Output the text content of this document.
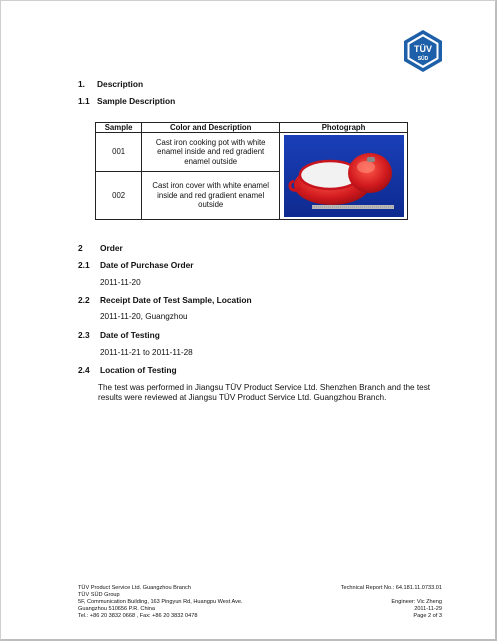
TÜV
SÜD
1. Description
1.1 Sample Description
Sample	Color and Description	Photograph
001	Cast iron cooking pot with white enamel inside and red gradient enamel outside	

002	Cast iron cover with white enamel inside and red gradient enamel outside	
2 Order
2.1 Date of Purchase Order
2011-11-20
2.2 Receipt Date of Test Sample, Location
2011-11-20, Guangzhou
2.3 Date of Testing
2011-11-21 to 2011-11-28
2.4 Location of Testing
The test was performed in Jiangsu TÜV Product Service Ltd. Shenzhen Branch and the test results were reviewed at Jiangsu TÜV Product Service Ltd. Guangzhou Branch.
TÜV Product Service Ltd. Guangzhou Branch
TÜV SÜD Group
5F, Communication Building, 163 Pingyun Rd, Huangpu West Ave.
Guangzhou 510656 P.R. China
Tel.: +86 20 3832 0668 , Fax: +86 20 3832 0478
Technical Report No.: 64.181.11.0733.01
Engineer: Vic Zheng
2011-11-29
Page 2 of 3
